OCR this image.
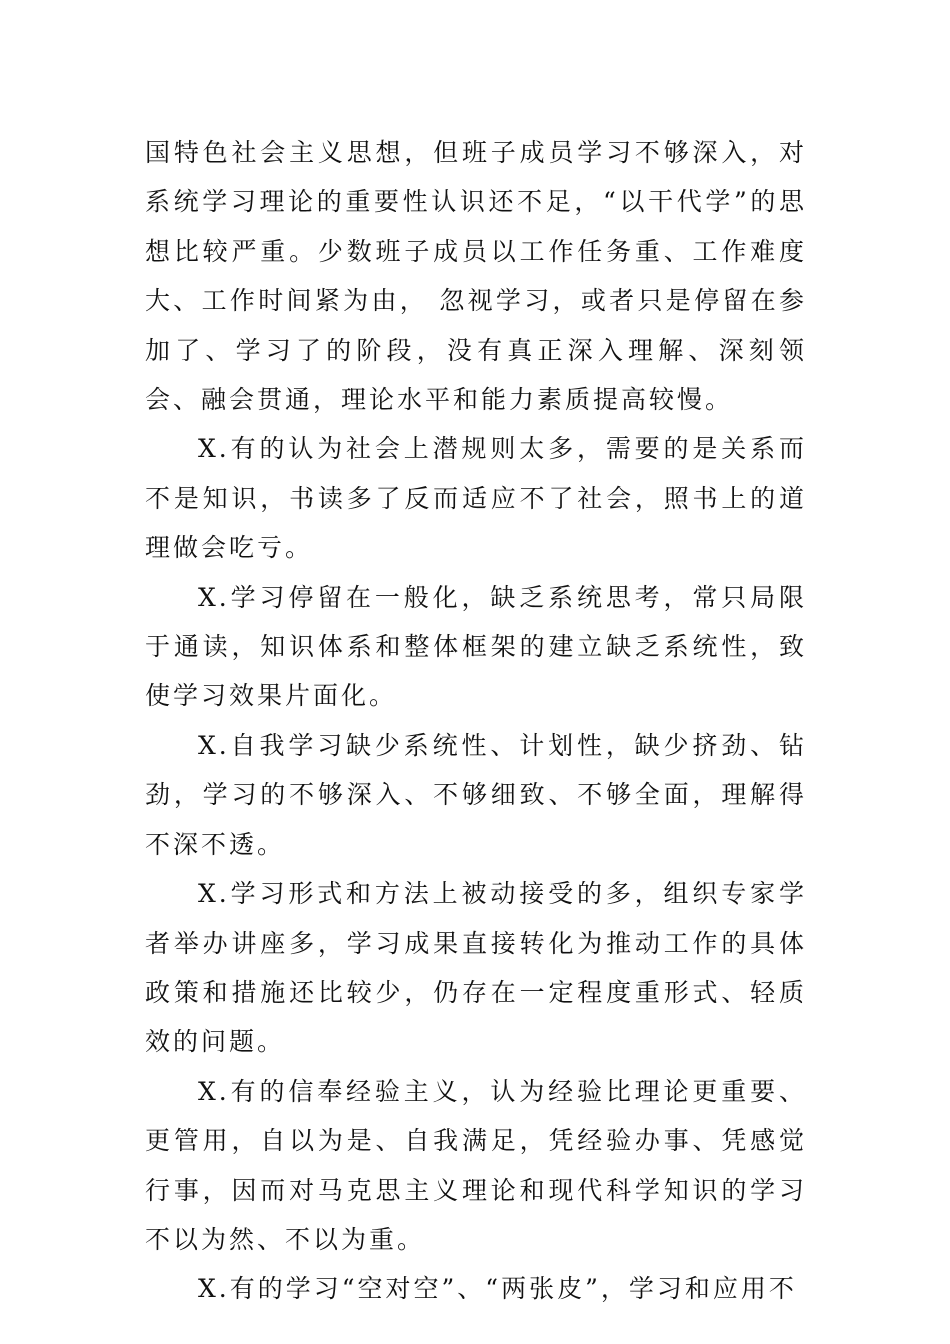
国特色社会主义思想，但班子成员学习不够深入，对系统学习理论的重要性认识还不足，“以干代学”的思想比较严重。少数班子成员以工作任务重、工作难度大、工作时间紧为由， 忽视学习，或者只是停留在参加了、学习了的阶段，没有真正深入理解、深刻领会、融会贯通，理论水平和能力素质提高较慢。

X.有的认为社会上潜规则太多，需要的是关系而不是知识，书读多了反而适应不了社会，照书上的道理做会吃亏。

X.学习停留在一般化，缺乏系统思考，常只局限于通读，知识体系和整体框架的建立缺乏系统性，致使学习效果片面化。

X.自我学习缺少系统性、计划性，缺少挤劲、钻劲，学习的不够深入、不够细致、不够全面，理解得不深不透。

X.学习形式和方法上被动接受的多，组织专家学者举办讲座多，学习成果直接转化为推动工作的具体政策和措施还比较少，仍存在一定程度重形式、轻质效的问题。

X.有的信奉经验主义，认为经验比理论更重要、更管用，自以为是、自我满足，凭经验办事、凭感觉行事，因而对马克思主义理论和现代科学知识的学习不以为然、不以为重。

X.有的学习“空对空”、“两张皮”，学习和应用不
